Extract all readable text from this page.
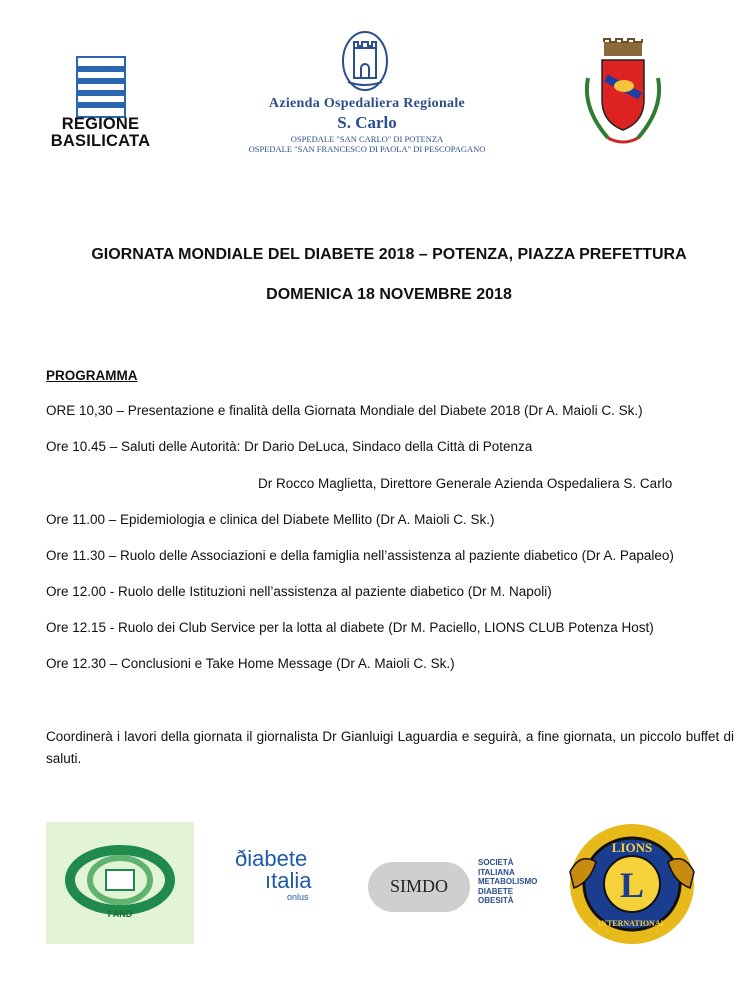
REGIONE
BASILICATA
Azienda Ospedaliera Regionale
S. Carlo
OSPEDALE "SAN CARLO" DI POTENZA
OSPEDALE "SAN FRANCESCO DI PAOLA" DI PESCOPAGANO
GIORNATA MONDIALE DEL DIABETE 2018 – POTENZA, PIAZZA PREFETTURA
DOMENICA 18 NOVEMBRE 2018
PROGRAMMA
ORE 10,30 – Presentazione e finalità della Giornata Mondiale del Diabete 2018 (Dr A. Maioli C. Sk.)
Ore 10.45 – Saluti delle Autorità: Dr Dario DeLuca, Sindaco della Città di Potenza
Dr Rocco Maglietta, Direttore Generale Azienda Ospedaliera S. Carlo
Ore 11.00 – Epidemiologia e clinica del Diabete Mellito (Dr A. Maioli C. Sk.)
Ore 11.30 – Ruolo delle Associazioni e della famiglia nell’assistenza al paziente diabetico (Dr A. Papaleo)
Ore 12.00 - Ruolo delle Istituzioni nell’assistenza al paziente diabetico (Dr M. Napoli)
Ore 12.15 - Ruolo dei Club Service per la lotta al diabete (Dr M. Paciello, LIONS CLUB Potenza Host)
Ore 12.30 – Conclusioni e Take Home Message (Dr A. Maioli C. Sk.)
Coordinerà i lavori della giornata il giornalista Dr Gianluigi Laguardia e seguirà, a fine giornata, un piccolo buffet di saluti.
FAND
ðiabete
ıtalia
onlus
SIMDO
SOCIETÀ
ITALIANA
METABOLISMO
DIABETE
OBESITÀ	L
LIONS
INTERNATIONAL
